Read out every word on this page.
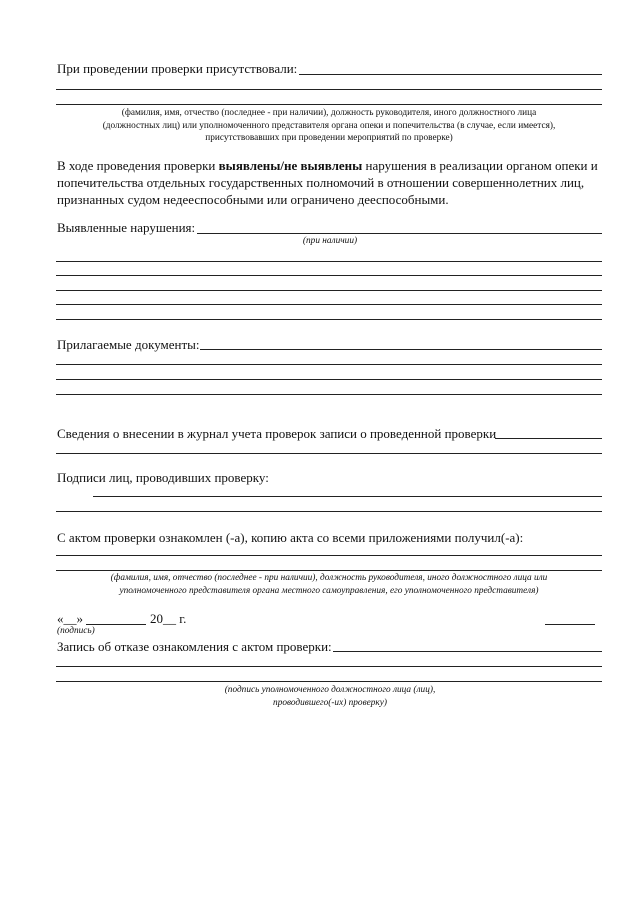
При проведении проверки присутствовали:
(фамилия, имя, отчество (последнее - при наличии), должность руководителя, иного должностного лица
(должностных лиц) или уполномоченного представителя органа опеки и попечительства (в случае, если имеется),
присутствовавших при проведении мероприятий по проверке)
В ходе проведения проверки выявлены/не выявлены нарушения в реализации органом опеки и
попечительства отдельных государственных полномочий в отношении совершеннолетних лиц,
признанных судом недееспособными или ограничено дееспособными.
Выявленные нарушения:
(при наличии)
Прилагаемые документы:
Сведения о внесении в журнал учета проверок записи о проведенной проверки
Подписи лиц, проводивших проверку:
С актом проверки ознакомлен (-а), копию акта со всеми приложениями получил(-а):
(фамилия, имя, отчество (последнее - при наличии), должность руководителя, иного должностного лица или
уполномоченного представителя органа местного самоуправления, его уполномоченного представителя)
«__»	20__ г.
(подпись)
Запись об отказе ознакомления с актом проверки:
(подпись уполномоченного должностного лица (лиц),
проводившего(-их) проверку)
